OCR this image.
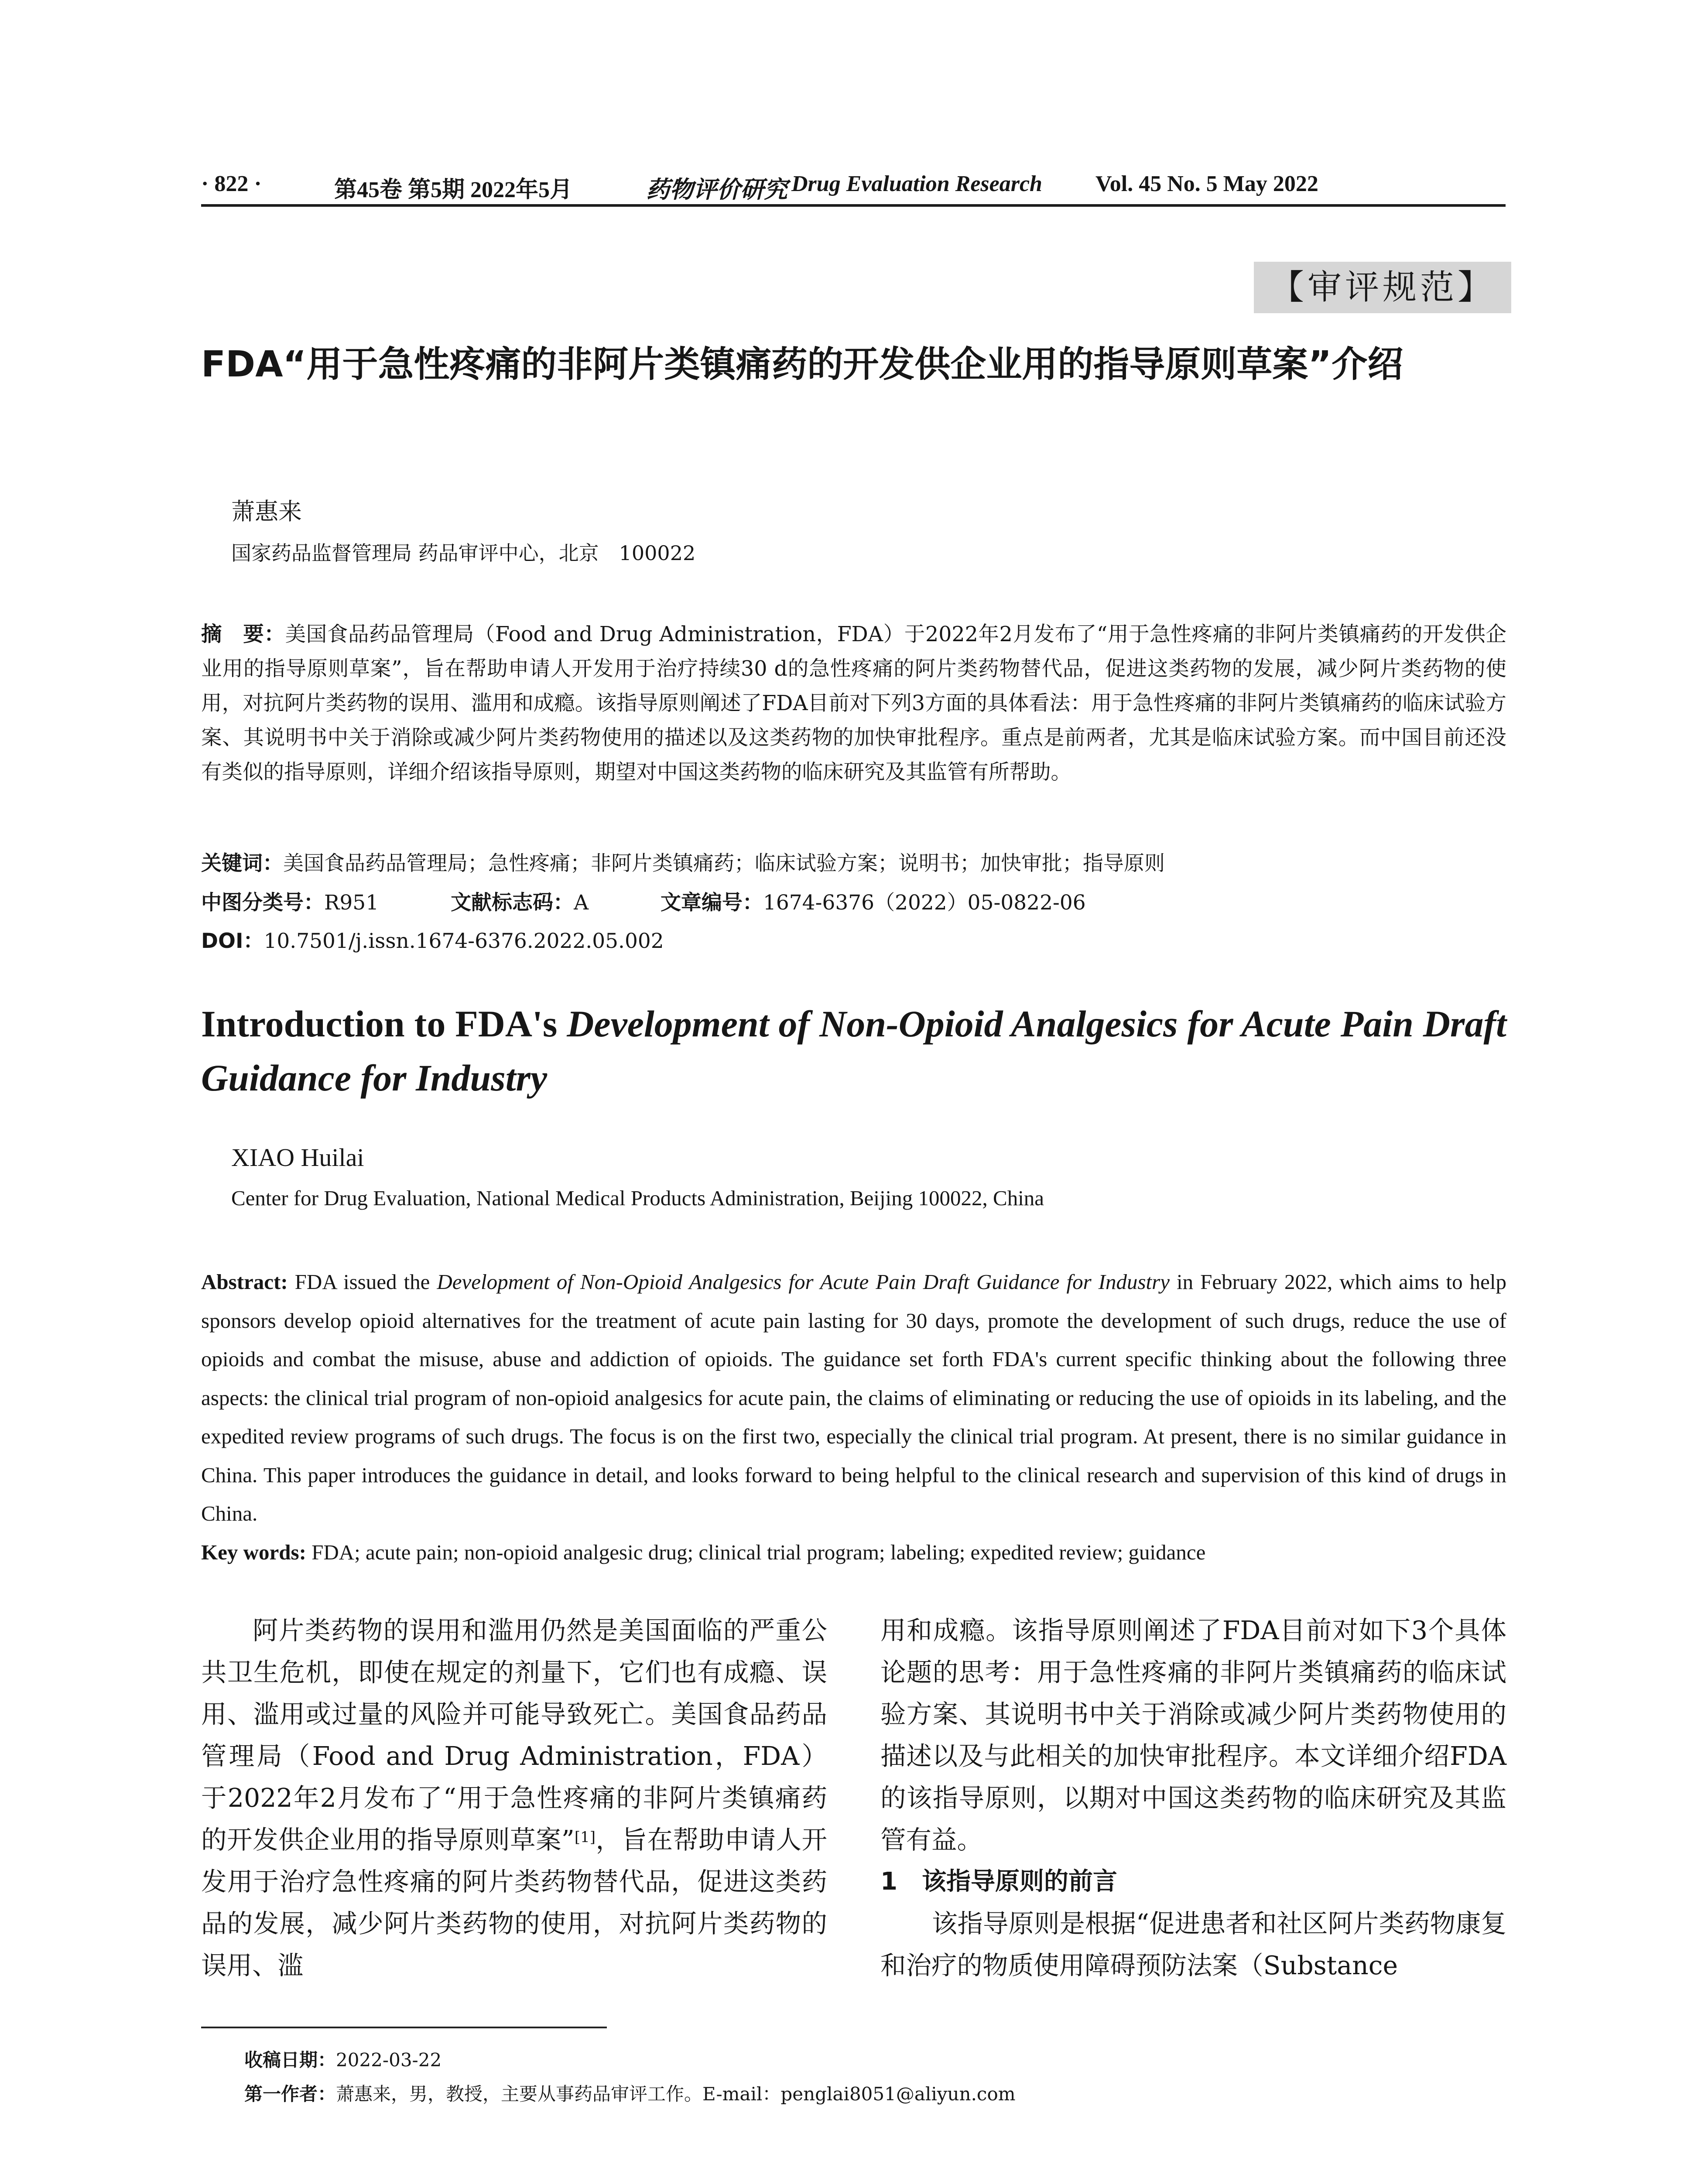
· 822 ·	第45卷 第5期 2022年5月	药物评价研究 Drug Evaluation Research Vol. 45 No. 5 May 2022
【审评规范】
FDA“用于急性疼痛的非阿片类镇痛药的开发供企业用的指导原则草案”介绍
萧惠来
国家药品监督管理局 药品审评中心，北京　100022
摘　要：美国食品药品管理局（Food and Drug Administration，FDA）于2022年2月发布了“用于急性疼痛的非阿片类镇痛药的开发供企业用的指导原则草案”，旨在帮助申请人开发用于治疗持续30 d的急性疼痛的阿片类药物替代品，促进这类药物的发展，减少阿片类药物的使用，对抗阿片类药物的误用、滥用和成瘾。该指导原则阐述了FDA目前对下列3方面的具体看法：用于急性疼痛的非阿片类镇痛药的临床试验方案、其说明书中关于消除或减少阿片类药物使用的描述以及这类药物的加快审批程序。重点是前两者，尤其是临床试验方案。而中国目前还没有类似的指导原则，详细介绍该指导原则，期望对中国这类药物的临床研究及其监管有所帮助。
关键词：美国食品药品管理局；急性疼痛；非阿片类镇痛药；临床试验方案；说明书；加快审批；指导原则
中图分类号：R951	文献标志码：A	文章编号：1674-6376（2022）05-0822-06
DOI：10.7501/j.issn.1674-6376.2022.05.002
Introduction to FDA's Development of Non-Opioid Analgesics for Acute Pain Draft Guidance for Industry
XIAO Huilai
Center for Drug Evaluation, National Medical Products Administration, Beijing 100022, China
Abstract: FDA issued the Development of Non-Opioid Analgesics for Acute Pain Draft Guidance for Industry in February 2022, which aims to help sponsors develop opioid alternatives for the treatment of acute pain lasting for 30 days, promote the development of such drugs, reduce the use of opioids and combat the misuse, abuse and addiction of opioids. The guidance set forth FDA's current specific thinking about the following three aspects: the clinical trial program of non-opioid analgesics for acute pain, the claims of eliminating or reducing the use of opioids in its labeling, and the expedited review programs of such drugs. The focus is on the first two, especially the clinical trial program. At present, there is no similar guidance in China. This paper introduces the guidance in detail, and looks forward to being helpful to the clinical research and supervision of this kind of drugs in China.
Key words: FDA; acute pain; non-opioid analgesic drug; clinical trial program; labeling; expedited review; guidance

阿片类药物的误用和滥用仍然是美国面临的严重公共卫生危机，即使在规定的剂量下，它们也有成瘾、误用、滥用或过量的风险并可能导致死亡。美国食品药品管理局（Food and Drug Administration，FDA）于2022年2月发布了“用于急性疼痛的非阿片类镇痛药的开发供企业用的指导原则草案”[1]，旨在帮助申请人开发用于治疗急性疼痛的阿片类药物替代品，促进这类药品的发展，减少阿片类药物的使用，对抗阿片类药物的误用、滥

用和成瘾。该指导原则阐述了FDA目前对如下3个具体论题的思考：用于急性疼痛的非阿片类镇痛药的临床试验方案、其说明书中关于消除或减少阿片类药物使用的描述以及与此相关的加快审批程序。本文详细介绍FDA的该指导原则，以期对中国这类药物的临床研究及其监管有益。

1　该指导原则的前言

该指导原则是根据“促进患者和社区阿片类药物康复和治疗的物质使用障碍预防法案（Substance

收稿日期：2022-03-22
第一作者：萧惠来，男，教授，主要从事药品审评工作。E-mail：penglai8051@aliyun.com
